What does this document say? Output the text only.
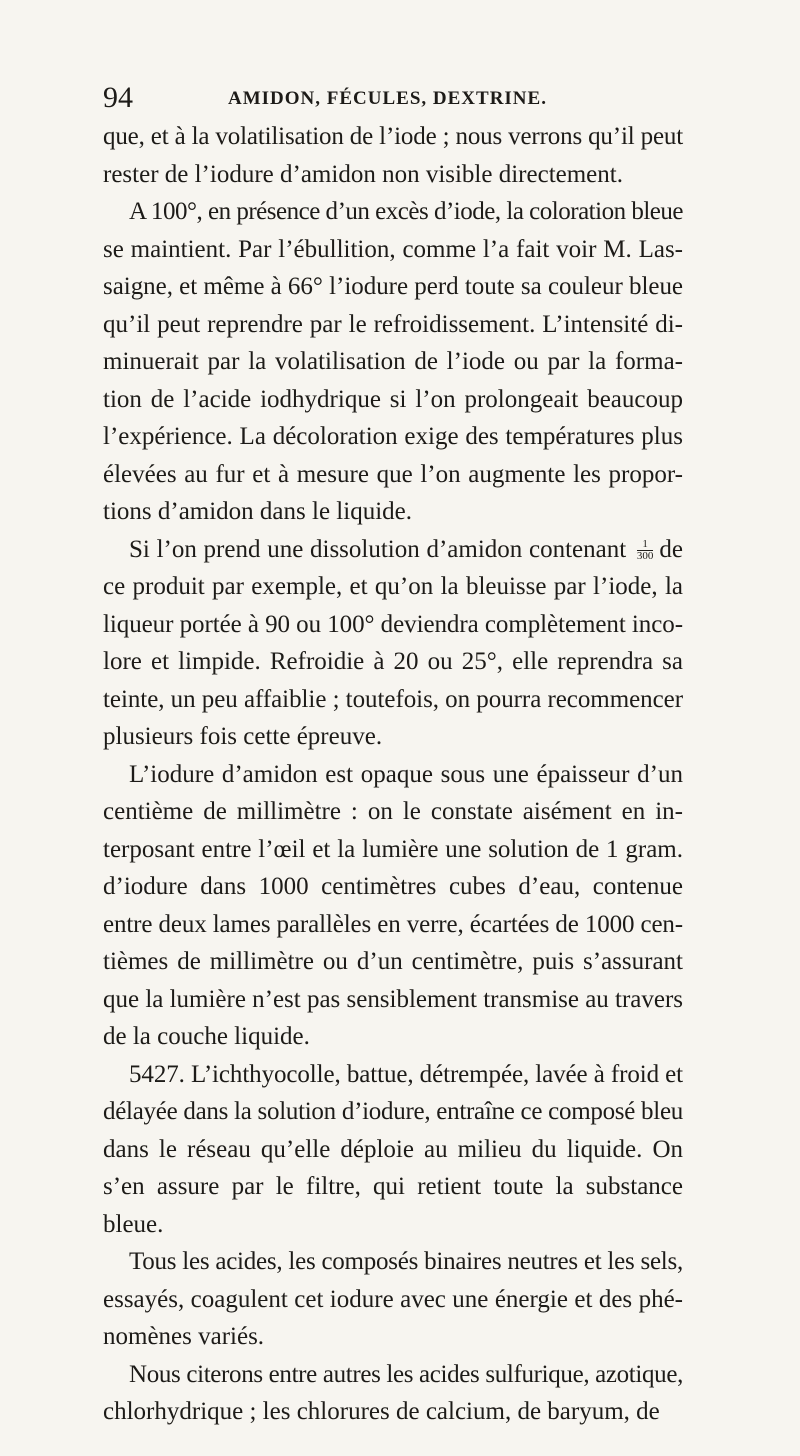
94	AMIDON, FÉCULES, DEXTRINE.
que, et à la volatilisation de l’iode ; nous verrons qu’il peut
rester de l’iodure d’amidon non visible directement.
A 100°, en présence d’un excès d’iode, la coloration bleue
se maintient. Par l’ébullition, comme l’a fait voir M. Las-
saigne, et même à 66° l’iodure perd toute sa couleur bleue
qu’il peut reprendre par le refroidissement. L’intensité di-
minuerait par la volatilisation de l’iode ou par la forma-
tion de l’acide iodhydrique si l’on prolongeait beaucoup
l’expérience. La décoloration exige des températures plus
élevées au fur et à mesure que l’on augmente les propor-
tions d’amidon dans le liquide.
Si l’on prend une dissolution d’amidon contenant $\frac{1}{300}$ de
ce produit par exemple, et qu’on la bleuisse par l’iode, la
liqueur portée à 90 ou 100° deviendra complètement inco-
lore et limpide. Refroidie à 20 ou 25°, elle reprendra sa
teinte, un peu affaiblie ; toutefois, on pourra recommencer
plusieurs fois cette épreuve.
L’iodure d’amidon est opaque sous une épaisseur d’un
centième de millimètre : on le constate aisément en in-
terposant entre l’œil et la lumière une solution de 1 gram.
d’iodure dans 1000 centimètres cubes d’eau, contenue
entre deux lames parallèles en verre, écartées de 1000 cen-
tièmes de millimètre ou d’un centimètre, puis s’assurant
que la lumière n’est pas sensiblement transmise au travers
de la couche liquide.
5427. L’ichthyocolle, battue, détrempée, lavée à froid et
délayée dans la solution d’iodure, entraîne ce composé bleu
dans le réseau qu’elle déploie au milieu du liquide. On
s’en assure par le filtre, qui retient toute la substance
bleue.
Tous les acides, les composés binaires neutres et les sels,
essayés, coagulent cet iodure avec une énergie et des phé-
nomènes variés.
Nous citerons entre autres les acides sulfurique, azotique,
chlorhydrique ; les chlorures de calcium, de baryum, de
